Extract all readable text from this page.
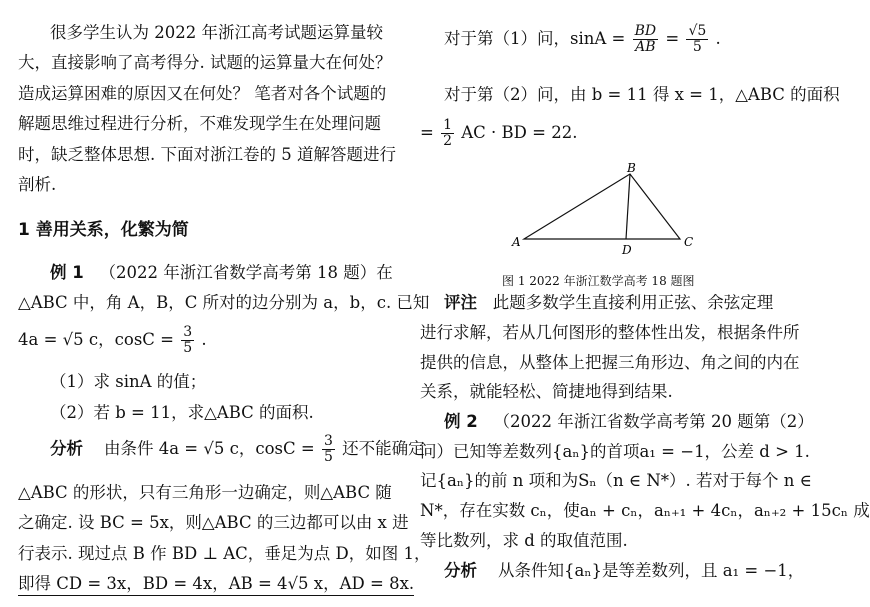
很多学生认为 2022 年浙江高考试题运算量较
大，直接影响了高考得分. 试题的运算量大在何处？
造成运算困难的原因又在何处？ 笔者对各个试题的
解题思维过程进行分析，不难发现学生在处理问题
时，缺乏整体思想. 下面对浙江卷的 5 道解答题进行
剖析.
1 善用关系，化繁为简
例 1 （2022 年浙江省数学高考第 18 题）在
△ABC 中，角 A，B，C 所对的边分别为 a，b，c. 已知
4a = √5 c，$\cos C = \frac{3}{5}$ .
（1）求 sinA 的值；
（2）若 b = 11，求△ABC 的面积.
分析 由条件 4a = √5 c，$\cos C = \frac{3}{5}$ 还不能确定
△ABC 的形状，只有三角形一边确定，则△ABC 随
之确定. 设 BC = 5x，则△ABC 的三边都可以由 x 进
行表示. 现过点 B 作 BD ⊥ AC，垂足为点 D，如图 1，
即得 CD = 3x，BD = 4x，AB = 4√5 x，AD = 8x.
对于第（1）问，$\sin A = \frac{BD}{AB} = \frac{√5}{5}$ .
对于第（2）问，由 b = 11 得 x = 1，△ABC 的面积
= $\frac{1}{2}$ AC · BD = 22.
A
B
C
D
图 1 2022 年浙江数学高考 18 题图
评注 此题多数学生直接利用正弦、余弦定理
进行求解，若从几何图形的整体性出发，根据条件所
提供的信息，从整体上把握三角形边、角之间的内在
关系，就能轻松、简捷地得到结果.
例 2 （2022 年浙江省数学高考第 20 题第（2）
问）已知等差数列{aₙ}的首项a₁ = −1，公差 d > 1.
记{aₙ}的前 n 项和为Sₙ（n ∈ N*）. 若对于每个 n ∈
N*，存在实数 cₙ，使aₙ + cₙ，aₙ₊₁ + 4cₙ，aₙ₊₂ + 15cₙ 成
等比数列，求 d 的取值范围.
分析 从条件知{aₙ}是等差数列，且 a₁ = −1，
